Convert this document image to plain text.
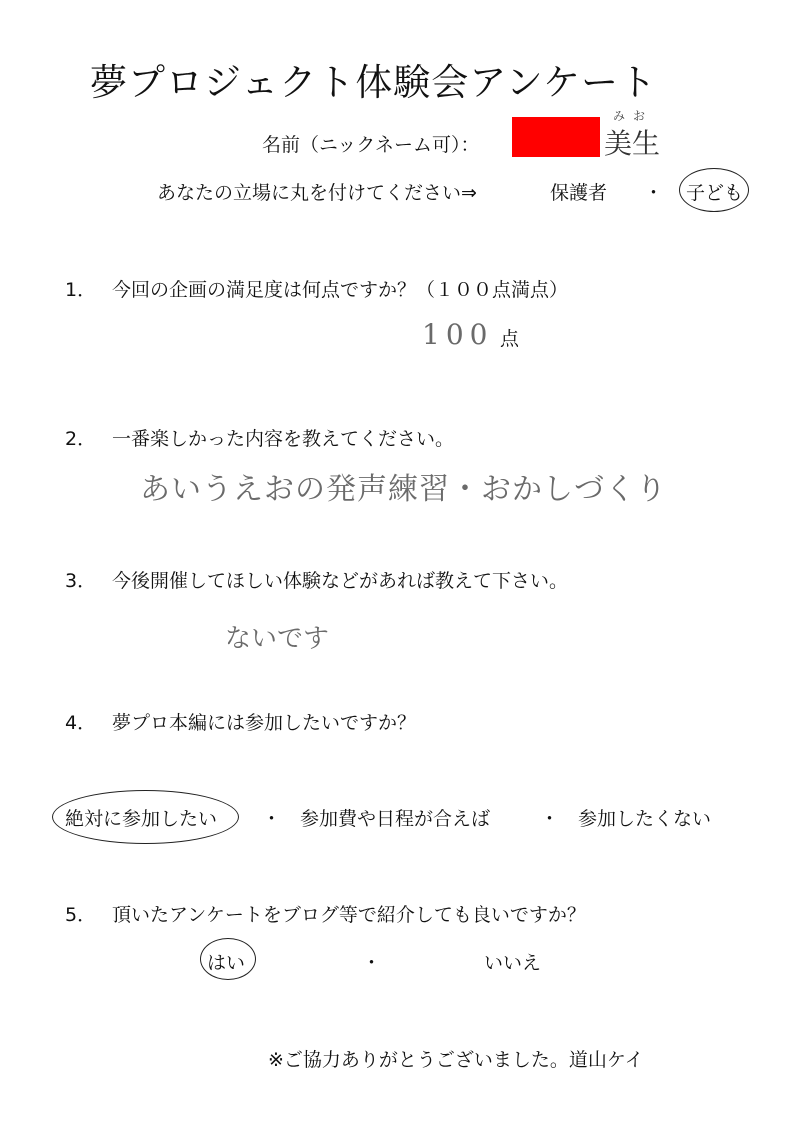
夢プロジェクト体験会アンケート
名前（ニックネーム可）：
みお
美生
あなたの立場に丸を付けてください⇒	保護者 ・ 子ども
1． 今回の企画の満足度は何点ですか？（１００点満点）
100 点
2． 一番楽しかった内容を教えてください。
あいうえおの発声練習・おかしづくり
3． 今後開催してほしい体験などがあれば教えて下さい。
ないです
4． 夢プロ本編には参加したいですか？
絶対に参加したい ・ 参加費や日程が合えば	・ 参加したくない
5． 頂いたアンケートをブログ等で紹介しても良いですか？
はい	・	いいえ
※ご協力ありがとうございました。道山ケイ
